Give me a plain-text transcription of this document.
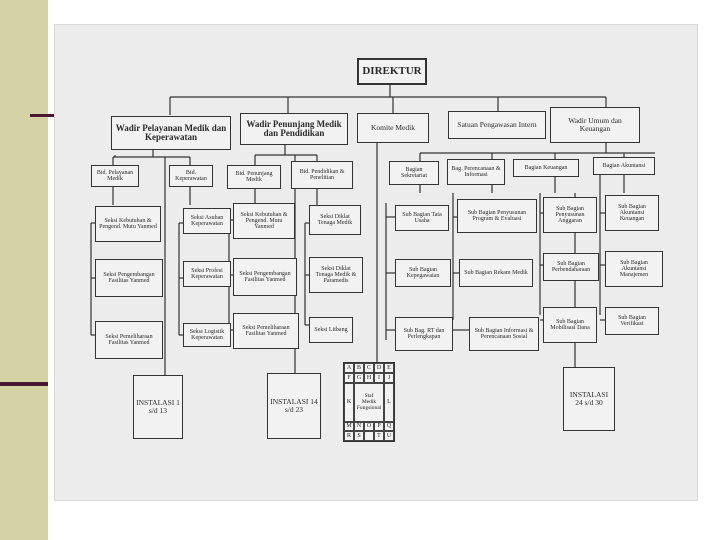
DIREKTUR
Wadir Pelayanan Medik dan Keperawatan
Wadir Penunjang Medik dan Pendidikan
Komite Medik	Satuan Pengawasan Intern	Wadir Umum dan Keuangan
Bid. Pelayanan Medik
Bid. Keperawatan
Bid. Penunjang Medik
Bid. Pendidikan & Penelitian
Bagian Sekretariat
Bag. Perencanaan & Informasi
Bagian Keuangan	Bagian Akuntansi
Seksi Kebutuhan & Pengend. Mutu Yanmed
Seksi Pengembangan Fasilitas Yanmed
Seksi Pemeliharaan Fasilitas Yanmed
Seksi Asuhan Keperawatan
Seksi Profesi Keperawatan
Seksi Logistik Keperawatan
Seksi Kebutuhan & Pengend. Mutu Yanmed
Seksi Pengembangan Fasilitas Yanmed
Seksi Pemeliharaan Fasilitas Yanmed
Seksi Diklat Tenaga Medik
Seksi Diklat Tenaga Medik & Paramedis
Seksi Litbang
Sub Bagian Tata Usaha
Sub Bagian Kepegawaian
Sub Bag. RT dan Perlengkapan
Sub Bagian Penyusunan Program & Evaluasi
Sub Bagian Rekam Medik
Sub Bagian Informasi & Perencanaan Sosial
Sub Bagian Penyusunan Anggaran
Sub Bagian Perbendaharaan
Sub Bagian Mobilisasi Dana
Sub Bagian Akuntansi Keuangan
Sub Bagian Akuntansi Manajemen
Sub Bagian Verifikasi
INSTALASI 1 s/d 13
INSTALASI 14 s/d 23
INSTALASI 24 s/d 30
A B C D E
F	G H	I	J
K
Staf
Medik
Fungsional
L
M N O	P	Q
R	S	T	U
